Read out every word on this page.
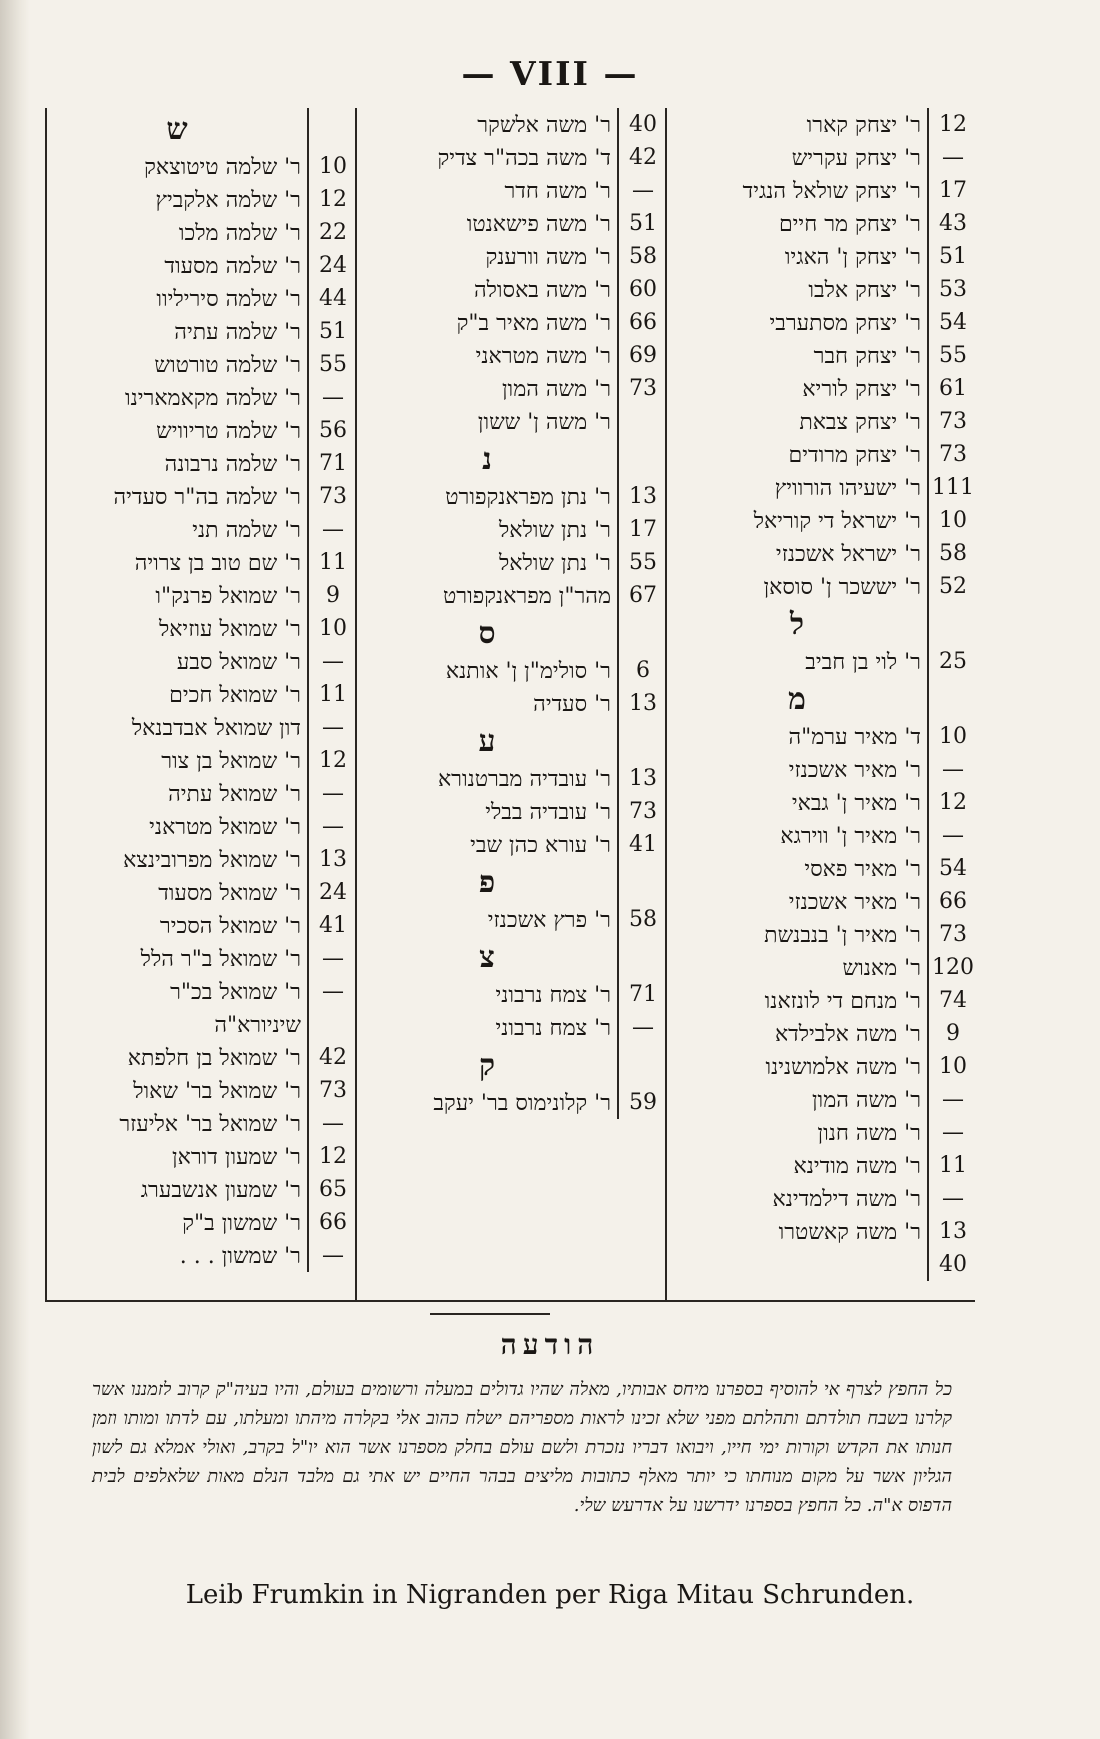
— VIII —
ש
10
ר' שלמה טיטוצאק
12
ר' שלמה אלקביץ
22
ר' שלמה מלכו
24
ר' שלמה מסעוד
44
ר' שלמה סיריליוו
51
ר' שלמה עתיה
55
ר' שלמה טורטוש
—
ר' שלמה מקאמארינו
56
ר' שלמה טריוויש
71
ר' שלמה נרבונה
73
ר' שלמה בה"ר סעדיה
—
ר' שלמה תני
11
ר' שם טוב בן צרויה
9
ר' שמואל פרנק"ו
10
ר' שמואל עוזיאל
—
ר' שמואל סבע
11
ר' שמואל חכים
—
דון שמואל אבדבנאל
12
ר' שמואל בן צור
—
ר' שמואל עתיה
—
ר' שמואל מטראני
13
ר' שמואל מפרובינצא
24
ר' שמואל מסעוד
41
ר' שמואל הסכיר
—
ר' שמואל ב"ר הלל
—
ר' שמואל בכ"ר
שיניורא"ה
42
ר' שמואל בן חלפתא
73
ר' שמואל בר' שאול
—
ר' שמואל בר' אליעזר
12
ר' שמעון דוראן
65
ר' שמעון אנשבערג
66
ר' שמשון ב"ק
—
ר' שמשון . . .
40
ר' משה אלשקר
42
ד' משה בכה"ר צדיק
—
ר' משה חדר
51
ר' משה פישאנטו
58
ר' משה וורענק
60
ר' משה באסולה
66
ר' משה מאיר ב"ק
69
ר' משה מטראני
73
ר' משה המון
ר' משה ן' ששון
נ
13
ר' נתן מפראנקפורט
17
ר' נתן שולאל
55
ר' נתן שולאל
67
מהר"ן מפראנקפורט
ס
6
ר' סולימ"ן ן' אותנא
13
ר' סעדיה
ע
13
ר' עובדיה מברטנורא
73
ר' עובדיה בבלי
41
ר' עורא כהן שבי
פ
58
ר' פרץ אשכנזי
צ
71
ר' צמח נרבוני
—
ר' צמח נרבוני
ק
59
ר' קלונימוס בר' יעקב
12
ר' יצחק קארו
—
ר' יצחק עקריש
17
ר' יצחק שולאל הנגיד
43
ר' יצחק מר חיים
51
ר' יצחק ן' האגיו
53
ר' יצחק אלבו
54
ר' יצחק מסתערבי
55
ר' יצחק חבר
61
ר' יצחק לוריא
73
ר' יצחק צבאת
73
ר' יצחק מרודים
111
ר' ישעיהו הורוויץ
10
ר' ישראל די קוריאל
58
ר' ישראל אשכנזי
52
ר' יששכר ן' סוסאן
ל
25
ר' לוי בן חביב
מ
10
ד' מאיר ערמ"ה
—
ר' מאיר אשכנזי
12
ר' מאיר ן' גבאי
—
ר' מאיר ן' ווירגא
54
ר' מאיר פאסי
66
ר' מאיר אשכנזי
73
ר' מאיר ן' בנבנשת
120
ר' מאנוש
74
ר' מנחם די לונזאנו
9
ר' משה אלבילדא
10
ר' משה אלמושנינו
—
ר' משה המון
—
ר' משה חנון
11
ר' משה מודינא
—
ר' משה דילמדינא
13
ר' משה קאשטרו
40
הודעה
כל החפץ לצרף אי להוסיף בספרנו מיחס אבותיו, מאלה שהיו גדולים במעלה ורשומים בעולם, והיו בעיה"ק קרוב לזמננו אשר קלרנו בשבח תולדתם ותהלתם מפני שלא זכינו לראות מספריהם ישלח כהוב אלי בקלרה מיהתו ומעלתו, עם לדתו ומותו וזמן חנותו את הקדש וקורות ימי חייו, ויבואו דבריו נזכרת ולשם עולם בחלק מספרנו אשר הוא יו"ל בקרב, ואולי אמלא גם לשון הגליון אשר על מקום מנוחתו כי יותר מאלף כתובות מליצים בבהר החיים יש אתי גם מלבד הנלם מאות שלאלפים לבית הדפוס א"ה. כל החפץ בספרנו ידרשנו על אדרעש שלי.
Leib Frumkin in Nigranden per Riga Mitau Schrunden.
